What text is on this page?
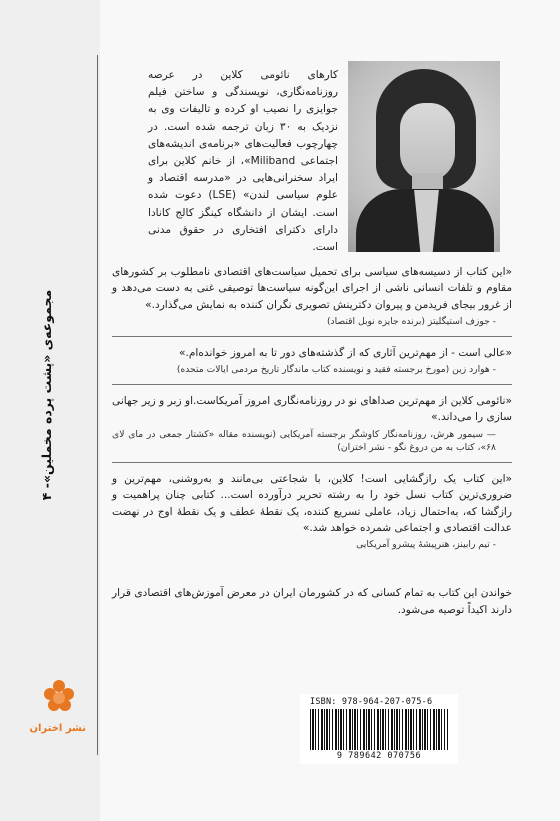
مجموعه‌ی «پشت پرده مخملین»- ۴
کارهای نائومی کلاین در عرصه روزنامه‌نگاری، نویسندگی و ساختن فیلم جوایزی را نصیب او کرده و تالیفات وی به نزدیک به ۳۰ زبان ترجمه شده است. در چهارچوب فعالیت‌های «برنامه‌ی اندیشه‌های اجتماعی Miliband»، از خانم کلاین برای ایراد سخنرانی‌هایی در «مدرسه اقتصاد و علوم سیاسی لندن» (LSE) دعوت شده است. ایشان از دانشگاه کینگز کالج کانادا دارای دکترای افتخاری در حقوق مدنی است.
«این کتاب از دسیسه‌های سیاسی برای تحمیل سیاست‌های اقتصادی نامطلوب بر کشورهای مقاوم و تلفات انسانی ناشی از اجرای این‌گونه سیاست‌ها توصیفی غنی به دست می‌دهد و از غرور بیجای فریدمن و پیروان دکترینش تصویری نگران کننده به نمایش می‌گذارد.»
- جوزف استیگلیتز (برنده جایزه نوبل اقتصاد)
«عالی است - از مهم‌ترین آثاری که از گذشته‌های دور تا به امروز خوانده‌ام.»
- هوارد زین (مورخ برجسته فقید و نویسنده کتاب ماندگار تاریخ مردمی ایالات متحده)
«نائومی کلاین از مهم‌ترین صداهای نو در روزنامه‌نگاری امروز آمریکاست.او زبر و زیر جهانی سازی را می‌داند.»
— سیمور هرش، روزنامه‌نگار کاوشگر برجسته آمریکایی (نویسنده مقاله «کشتار جمعی در مای لای ۶۸»، کتاب به من دروغ نگو - نشر اختران)
«این کتاب یک رازگشایی است! کلاین، با شجاعتی بی‌مانند و به‌روشنی، مهم‌ترین و ضروری‌ترین کتاب نسل خود را به رشته تحریر درآورده است... کتابی چنان پراهمیت و رازگشا که، به‌احتمال زیاد، عاملی تسریع کننده، یک نقطهٔ عطف و یک نقطهٔ اوج در نهضت عدالت اقتصادی و اجتماعی شمرده خواهد شد.»
- تیم رابینز، هنرپیشهٔ پیشرو آمریکایی
خواندن این کتاب به تمام کسانی که در کشورمان ایران در معرض آموزش‌های اقتصادی قرار دارند اکیداً توصیه می‌شود.
نشر اختران
ISBN: 978-964-207-075-6
9 789642 070756
